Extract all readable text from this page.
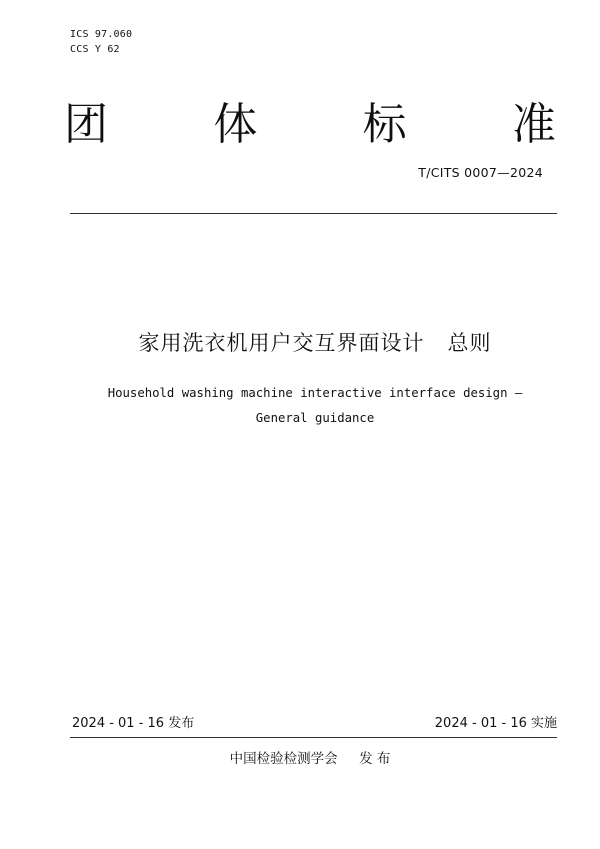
ICS 97.060
CCS Y 62
团 体 标 准
T/CITS 0007—2024
家用洗衣机用户交互界面设计   总则
Household washing machine interactive interface design –
General guidance
2024 - 01 - 16 发布	2024 - 01 - 16 实施
中国检验检测学会     发 布
